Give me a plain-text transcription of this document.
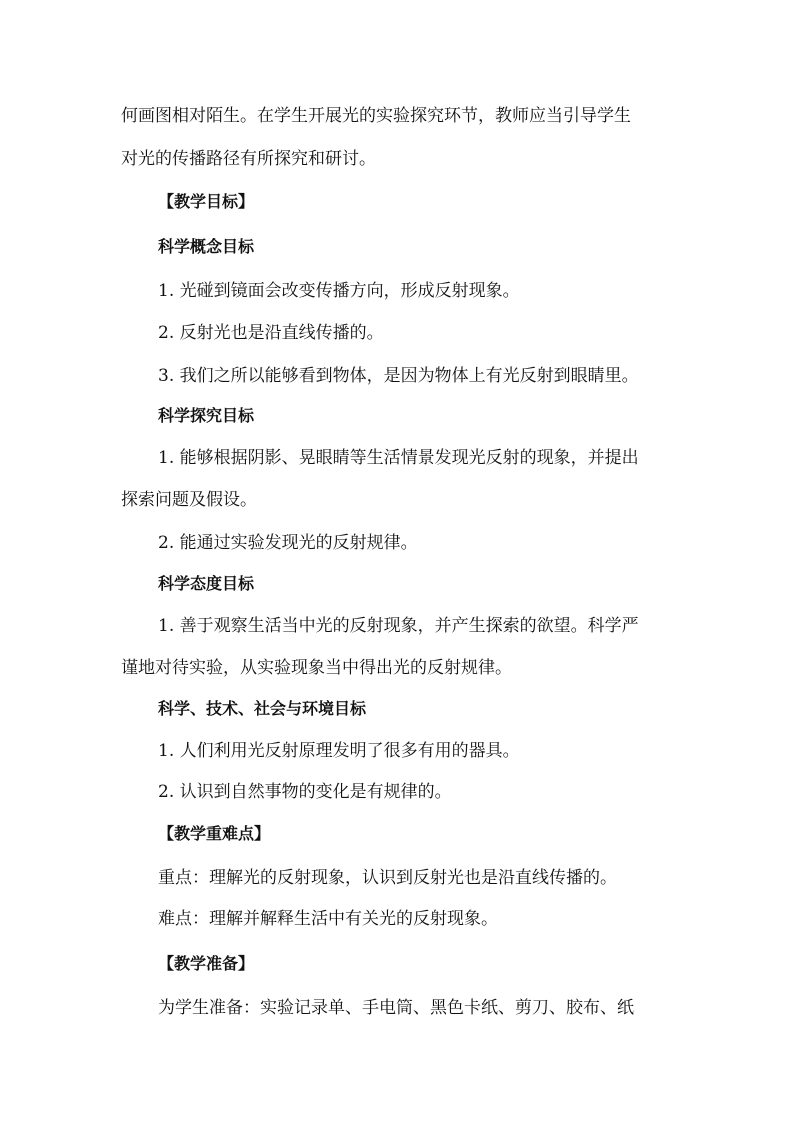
何画图相对陌生。在学生开展光的实验探究环节，教师应当引导学生
对光的传播路径有所探究和研讨。
【教学目标】
科学概念目标
1. 光碰到镜面会改变传播方向，形成反射现象。
2. 反射光也是沿直线传播的。
3. 我们之所以能够看到物体，是因为物体上有光反射到眼睛里。
科学探究目标
1. 能够根据阴影、晃眼睛等生活情景发现光反射的现象，并提出
探索问题及假设。
2. 能通过实验发现光的反射规律。
科学态度目标
1. 善于观察生活当中光的反射现象，并产生探索的欲望。科学严
谨地对待实验，从实验现象当中得出光的反射规律。
科学、技术、社会与环境目标
1. 人们利用光反射原理发明了很多有用的器具。
2. 认识到自然事物的变化是有规律的。
【教学重难点】
重点：理解光的反射现象，认识到反射光也是沿直线传播的。
难点：理解并解释生活中有关光的反射现象。
【教学准备】
为学生准备：实验记录单、手电筒、黑色卡纸、剪刀、胶布、纸
